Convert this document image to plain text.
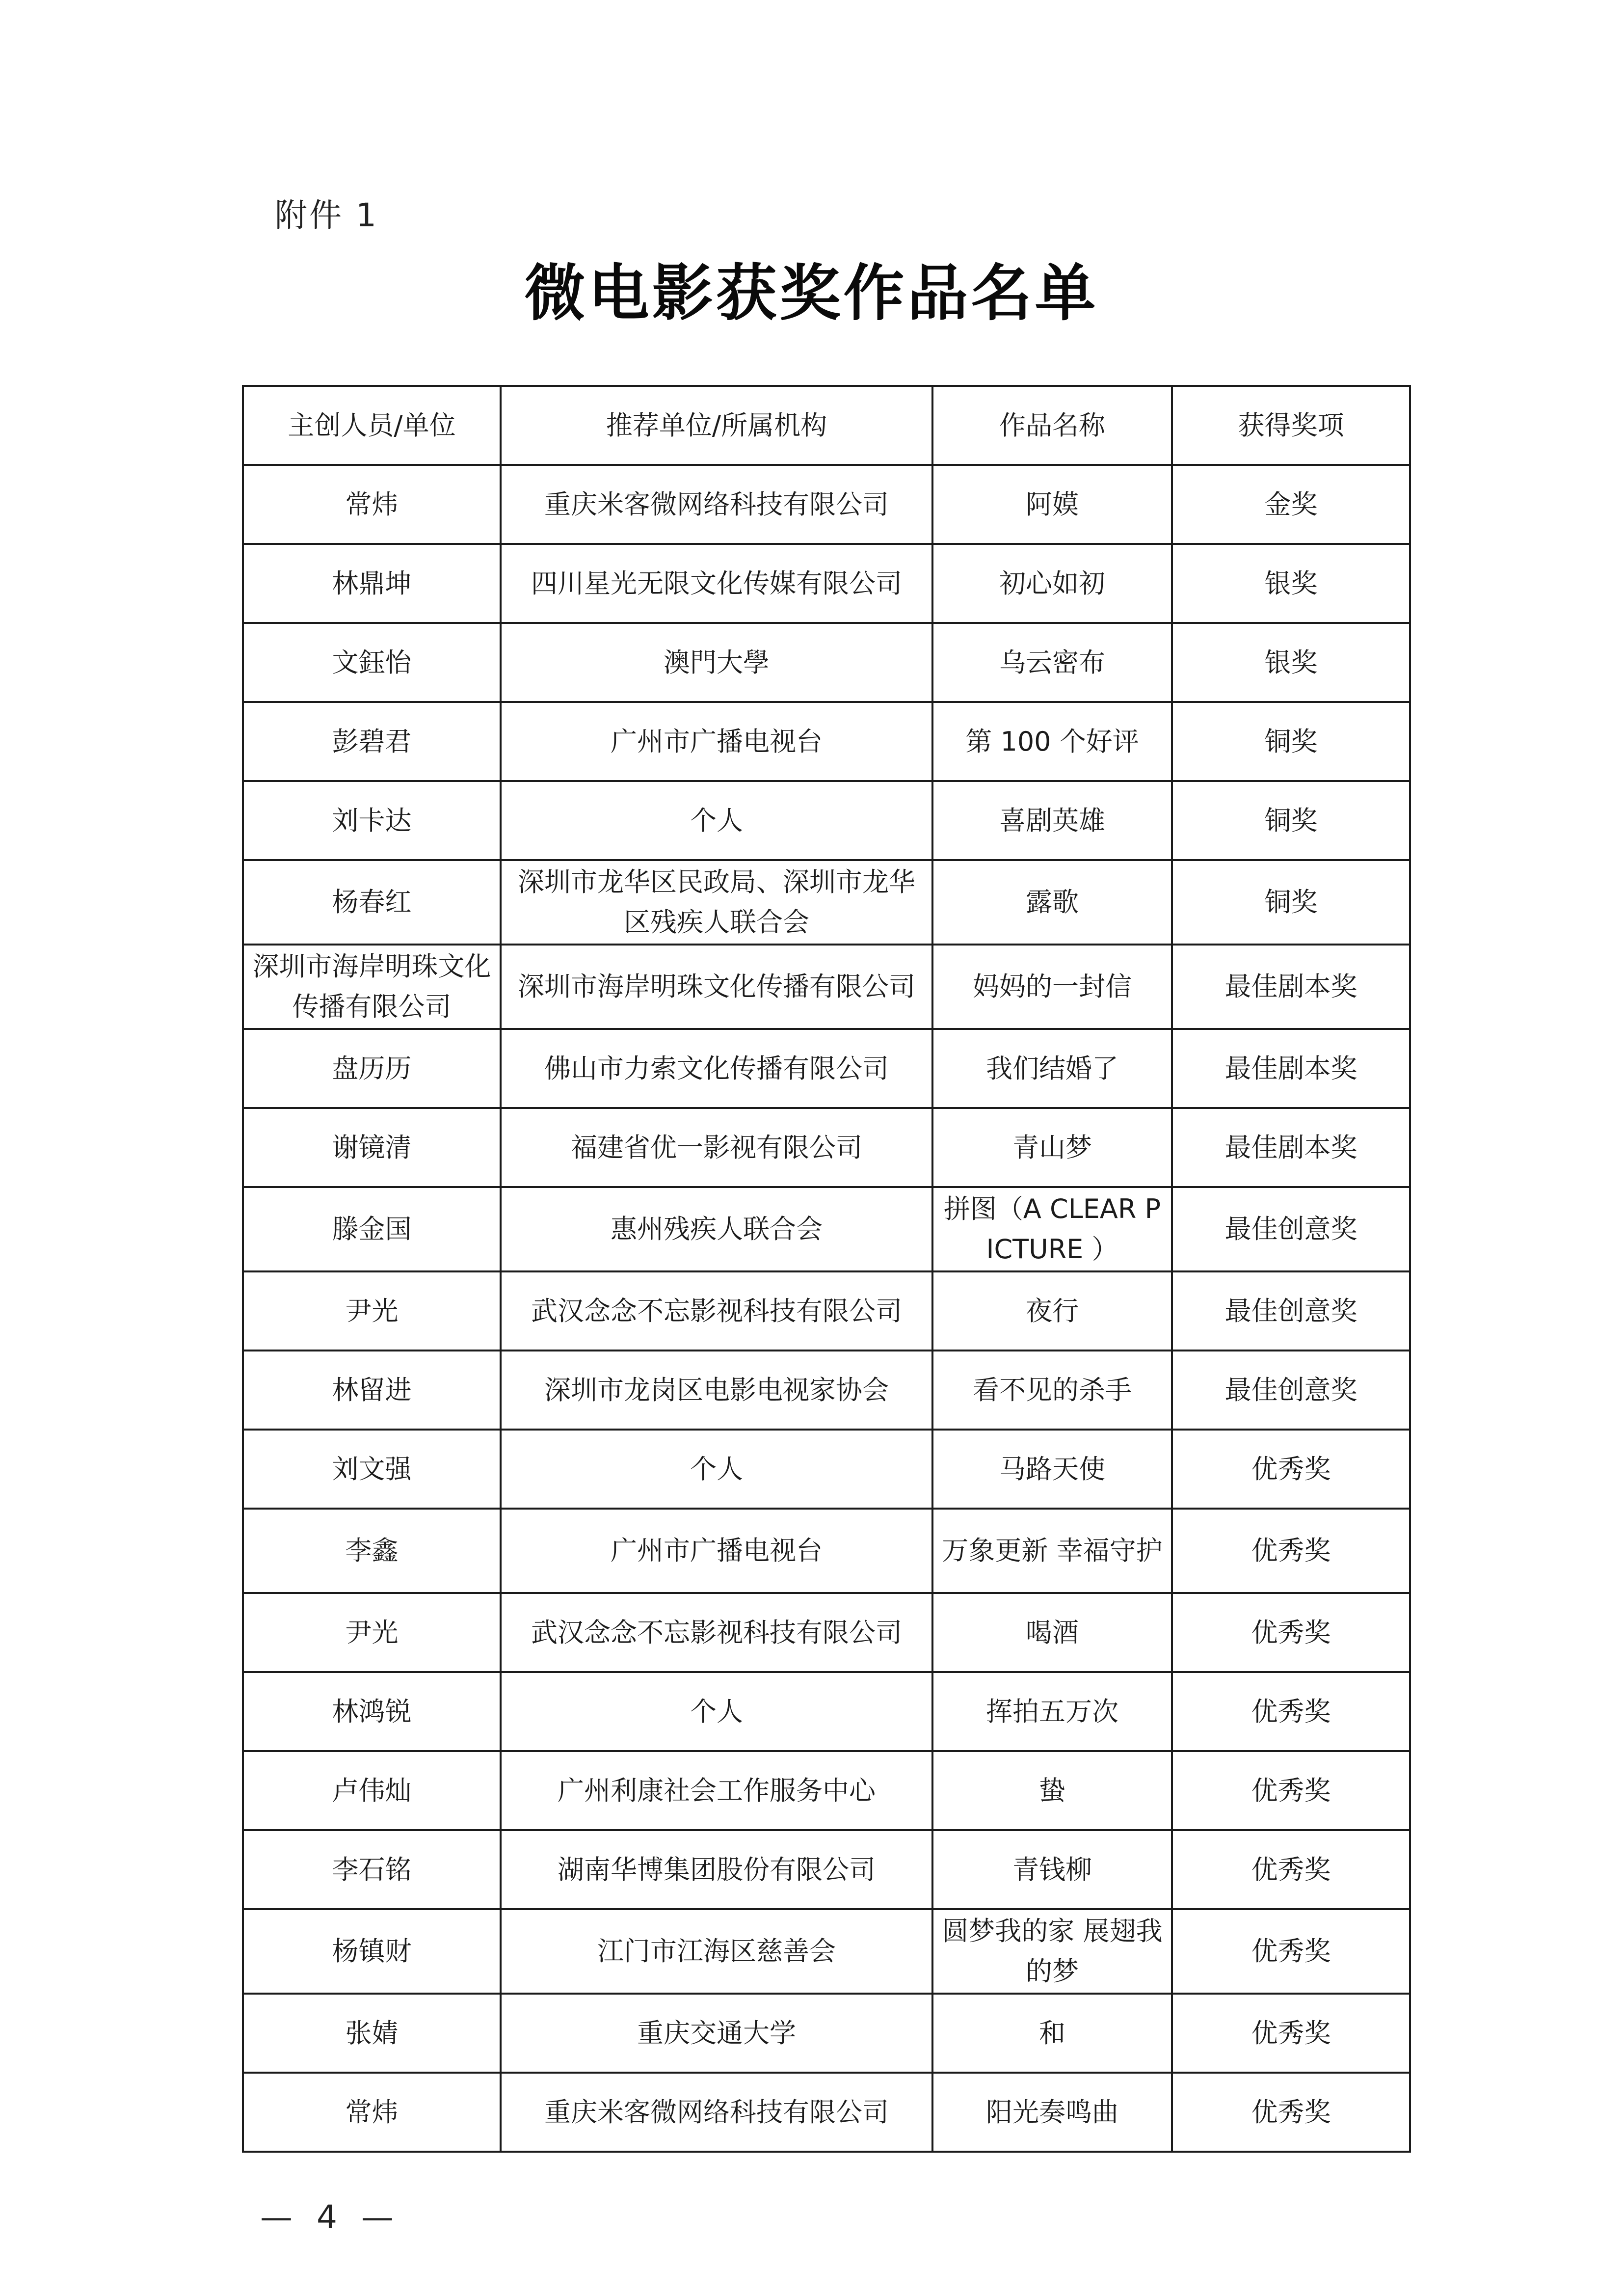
附件 1
微电影获奖作品名单
主创人员/单位	推荐单位/所属机构	作品名称	获得奖项
常炜	重庆米客微网络科技有限公司	阿嫫	金奖
林鼎坤	四川星光无限文化传媒有限公司	初心如初	银奖
文鈺怡	澳門大學	乌云密布	银奖
彭碧君	广州市广播电视台	第 100 个好评	铜奖
刘卡达	个人	喜剧英雄	铜奖
杨春红	深圳市龙华区民政局、深圳市龙华区残疾人联合会	露歌	铜奖
深圳市海岸明珠文化传播有限公司	深圳市海岸明珠文化传播有限公司	妈妈的一封信	最佳剧本奖
盘历历	佛山市力索文化传播有限公司	我们结婚了	最佳剧本奖
谢镜清	福建省优一影视有限公司	青山梦	最佳剧本奖
滕金国	惠州残疾人联合会	拼图（A CLEAR PICTURE ）	最佳创意奖
尹光	武汉念念不忘影视科技有限公司	夜行	最佳创意奖
林留进	深圳市龙岗区电影电视家协会	看不见的杀手	最佳创意奖
刘文强	个人	马路天使	优秀奖
李鑫	广州市广播电视台	万象更新 幸福守护	优秀奖
尹光	武汉念念不忘影视科技有限公司	喝酒	优秀奖
林鸿锐	个人	挥拍五万次	优秀奖
卢伟灿	广州利康社会工作服务中心	蛰	优秀奖
李石铭	湖南华博集团股份有限公司	青钱柳	优秀奖
杨镇财	江门市江海区慈善会	圆梦我的家 展翅我的梦	优秀奖
张婧	重庆交通大学	和	优秀奖
常炜	重庆米客微网络科技有限公司	阳光奏鸣曲	优秀奖
— 4 —
